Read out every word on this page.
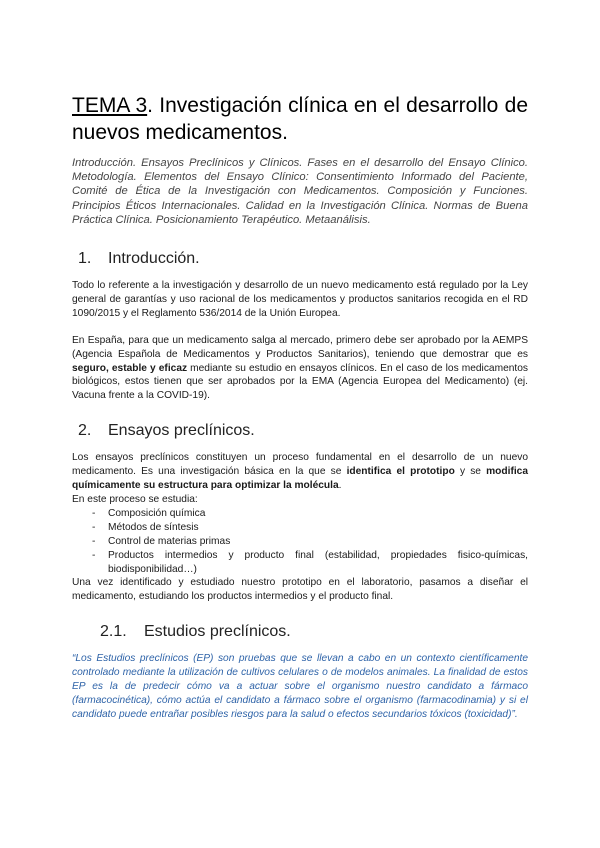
TEMA 3. Investigación clínica en el desarrollo de nuevos medicamentos.

Introducción. Ensayos Preclínicos y Clínicos. Fases en el desarrollo del Ensayo Clínico. Metodología. Elementos del Ensayo Clínico: Consentimiento Informado del Paciente, Comité de Ética de la Investigación con Medicamentos. Composición y Funciones. Principios Éticos Internacionales. Calidad en la Investigación Clínica. Normas de Buena Práctica Clínica. Posicionamiento Terapéutico. Metaanálisis.

1. Introducción.

Todo lo referente a la investigación y desarrollo de un nuevo medicamento está regulado por la Ley general de garantías y uso racional de los medicamentos y productos sanitarios recogida en el RD 1090/2015 y el Reglamento 536/2014 de la Unión Europea.

En España, para que un medicamento salga al mercado, primero debe ser aprobado por la AEMPS (Agencia Española de Medicamentos y Productos Sanitarios), teniendo que demostrar que es seguro, estable y eficaz mediante su estudio en ensayos clínicos. En el caso de los medicamentos biológicos, estos tienen que ser aprobados por la EMA (Agencia Europea del Medicamento) (ej. Vacuna frente a la COVID-19).

2. Ensayos preclínicos.

Los ensayos preclínicos constituyen un proceso fundamental en el desarrollo de un nuevo medicamento. Es una investigación básica en la que se identifica el prototipo y se modifica químicamente su estructura para optimizar la molécula.

En este proceso se estudia:

- Composición química
- Métodos de síntesis
- Control de materias primas
- Productos intermedios y producto final (estabilidad, propiedades fisico-químicas, biodisponibilidad…)

Una vez identificado y estudiado nuestro prototipo en el laboratorio, pasamos a diseñar el medicamento, estudiando los productos intermedios y el producto final.

2.1. Estudios preclínicos.

“Los Estudios preclínicos (EP) son pruebas que se llevan a cabo en un contexto científicamente controlado mediante la utilización de cultivos celulares o de modelos animales. La finalidad de estos EP es la de predecir cómo va a actuar sobre el organismo nuestro candidato a fármaco (farmacocinética), cómo actúa el candidato a fármaco sobre el organismo (farmacodinamia) y si el candidato puede entrañar posibles riesgos para la salud o efectos secundarios tóxicos (toxicidad)”.
